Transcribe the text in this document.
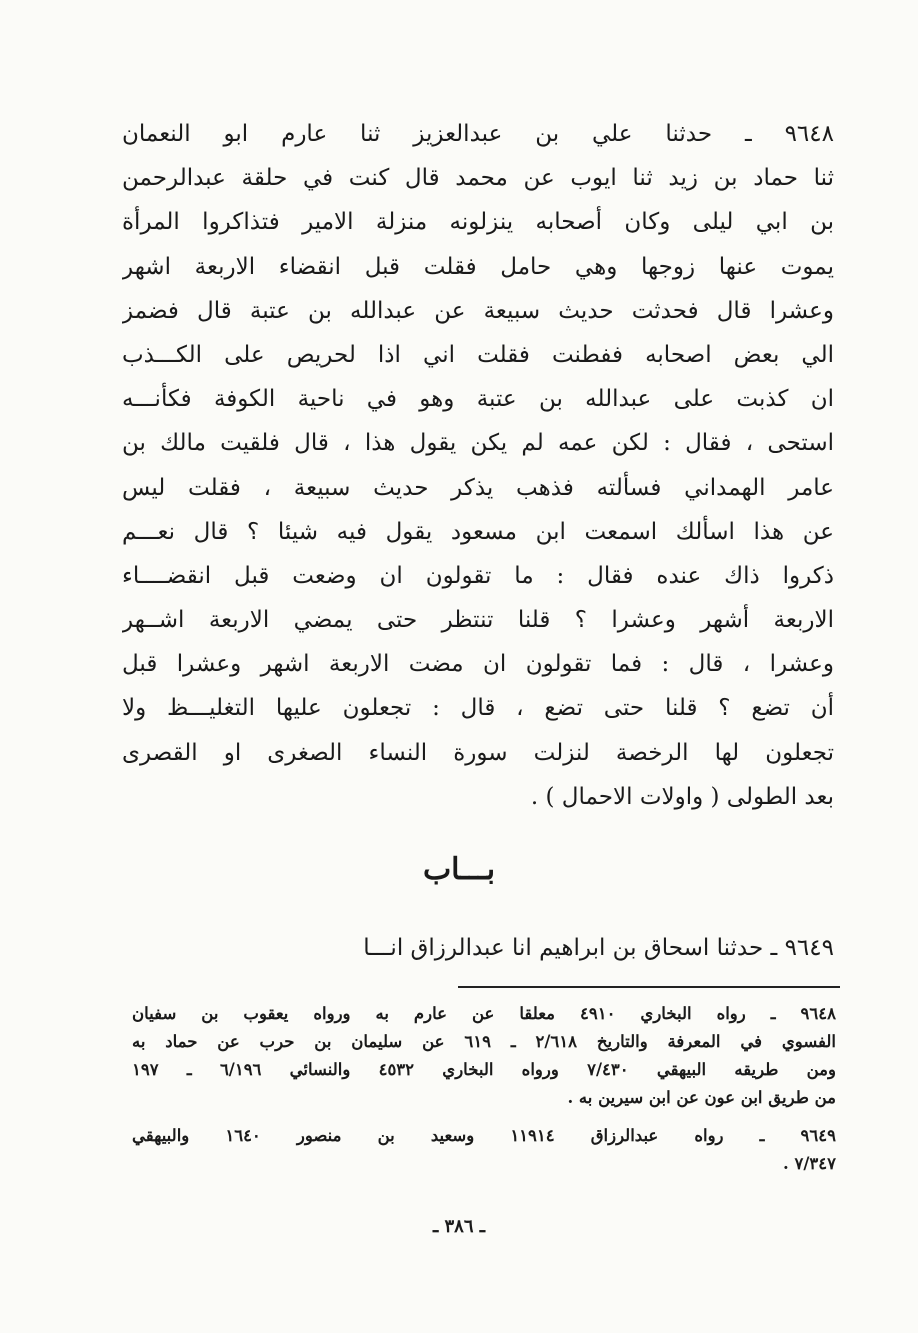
٩٦٤٨ ـ حدثنا علي بن عبدالعزيز ثنا عارم ابو النعمان
ثنا حماد بن زيد ثنا ايوب عن محمد قال كنت في حلقة عبدالرحمن
بن ابي ليلى وكان أصحابه ينزلونه منزلة الامير فتذاكروا المرأة
يموت عنها زوجها وهي حامل فقلت قبل انقضاء الاربعة اشهر
وعشرا قال فحدثت حديث سبيعة عن عبدالله بن عتبة قال فضمز
الي بعض اصحابه ففطنت فقلت اني اذا لحريص على الكـــذب
ان كذبت على عبدالله بن عتبة وهو في ناحية الكوفة فكأنـــه
استحى ، فقال : لكن عمه لم يكن يقول هذا ، قال فلقيت مالك بن
عامر الهمداني فسألته فذهب يذكر حديث سبيعة ، فقلت ليس
عن هذا اسألك اسمعت ابن مسعود يقول فيه شيئا ؟ قال نعـــم
ذكروا ذاك عنده فقال : ما تقولون ان وضعت قبل انقضــــاء
الاربعة أشهر وعشرا ؟ قلنا تنتظر حتى يمضي الاربعة اشــهر
وعشرا ، قال : فما تقولون ان مضت الاربعة اشهر وعشرا قبل
أن تضع ؟ قلنا حتى تضع ، قال : تجعلون عليها التغليـــظ ولا
تجعلون لها الرخصة لنزلت سورة النساء الصغرى او القصرى
بعد الطولى ( واولات الاحمال ) .
بـــاب
٩٦٤٩ ـ حدثنا اسحاق بن ابراهيم انا عبدالرزاق انـــا
٩٦٤٨ ـ رواه البخاري ٤٩١٠ معلقا عن عارم به ورواه يعقوب بن سفيان
الفسوي في المعرفة والتاريخ ٢/٦١٨ ـ ٦١٩ عن سليمان بن حرب عن حماد به
ومن طريقه البيهقي ٧/٤٣٠ ورواه البخاري ٤٥٣٢ والنسائي ٦/١٩٦ ـ ١٩٧
من طريق ابن عون عن ابن سيرين به .
٩٦٤٩ ـ رواه عبدالرزاق ١١٩١٤ وسعيد بن منصور ١٦٤٠ والبيهقي
٧/٣٤٧ .
ـ ٣٨٦ ـ
